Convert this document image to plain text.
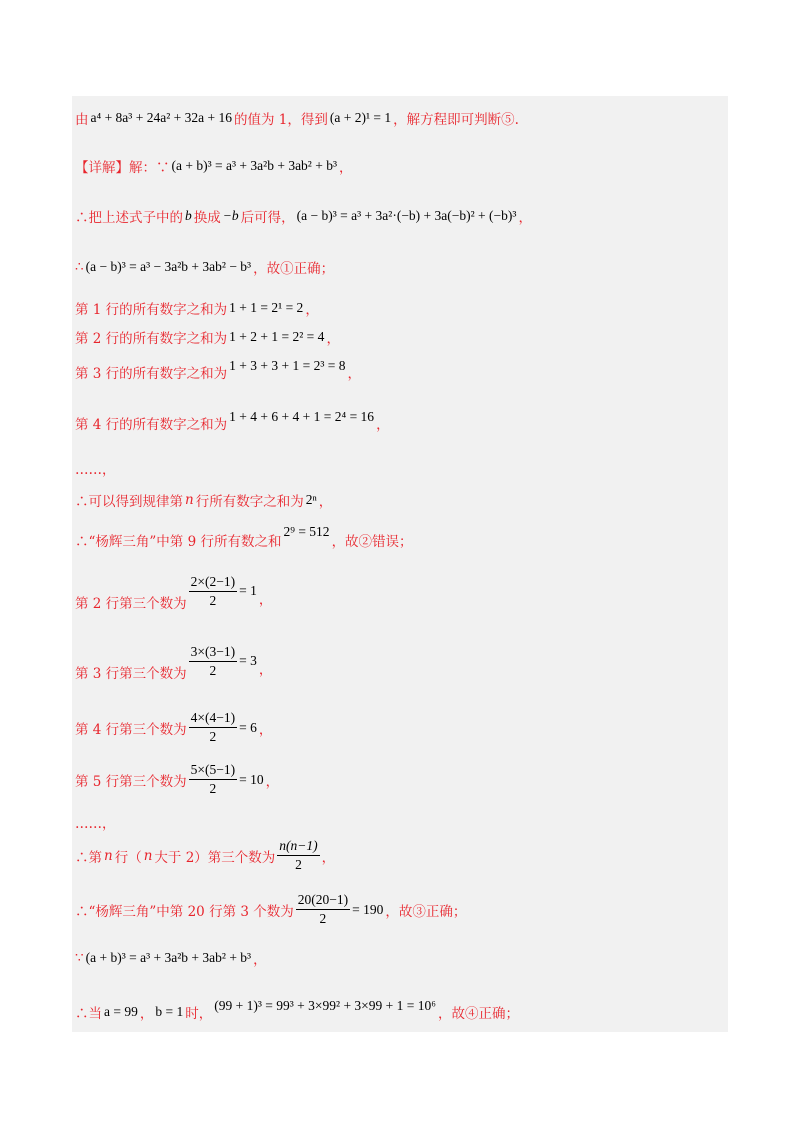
由 a⁴ + 8a³ + 24a² + 32a + 16 的值为 1，得到 (a + 2)¹ = 1 ，解方程即可判断⑤.
【详解】解：∵ (a + b)³ = a³ + 3a²b + 3ab² + b³ ，
∴把上述式子中的 b 换成 −b 后可得， (a − b)³ = a³ + 3a²·(−b) + 3a(−b)² + (−b)³ ，
∴ (a − b)³ = a³ − 3a²b + 3ab² − b³ ，故①正确；
第 1 行的所有数字之和为 1 + 1 = 2¹ = 2 ，
第 2 行的所有数字之和为 1 + 2 + 1 = 2² = 4 ，
第 3 行的所有数字之和为
1 + 3 + 3 + 1 = 2³ = 8
，
第 4 行的所有数字之和为
1 + 4 + 6 + 4 + 1 = 2⁴ = 16
，
……，
∴可以得到规律第 n 行所有数字之和为 2ⁿ ，
∴“杨辉三角”中第 9 行所有数之和
2⁹ = 512
，故②错误；
第 2 行第三个数为 $\frac{2\times(2-1)}{2} = 1$
，
第 3 行第三个数为 $\frac{3\times(3-1)}{2} = 3$
，
第 4 行第三个数为 $\frac{4\times(4-1)}{2} = 6$ ，
第 5 行第三个数为 $\frac{5\times(5-1)}{2} = 10$ ，
……，
∴第 n 行（ n 大于 2）第三个数为 $\frac{n(n-1)}{2}$ ，
∴“杨辉三角”中第 20 行第 3 个数为 $\frac{20(20-1)}{2} = 190$ ，故③正确；
∵ (a + b)³ = a³ + 3a²b + 3ab² + b³ ，
∴当 a = 99 ， b = 1 时，
(99 + 1)³ = 99³ + 3×99² + 3×99 + 1 = 10⁶
，故④正确；
